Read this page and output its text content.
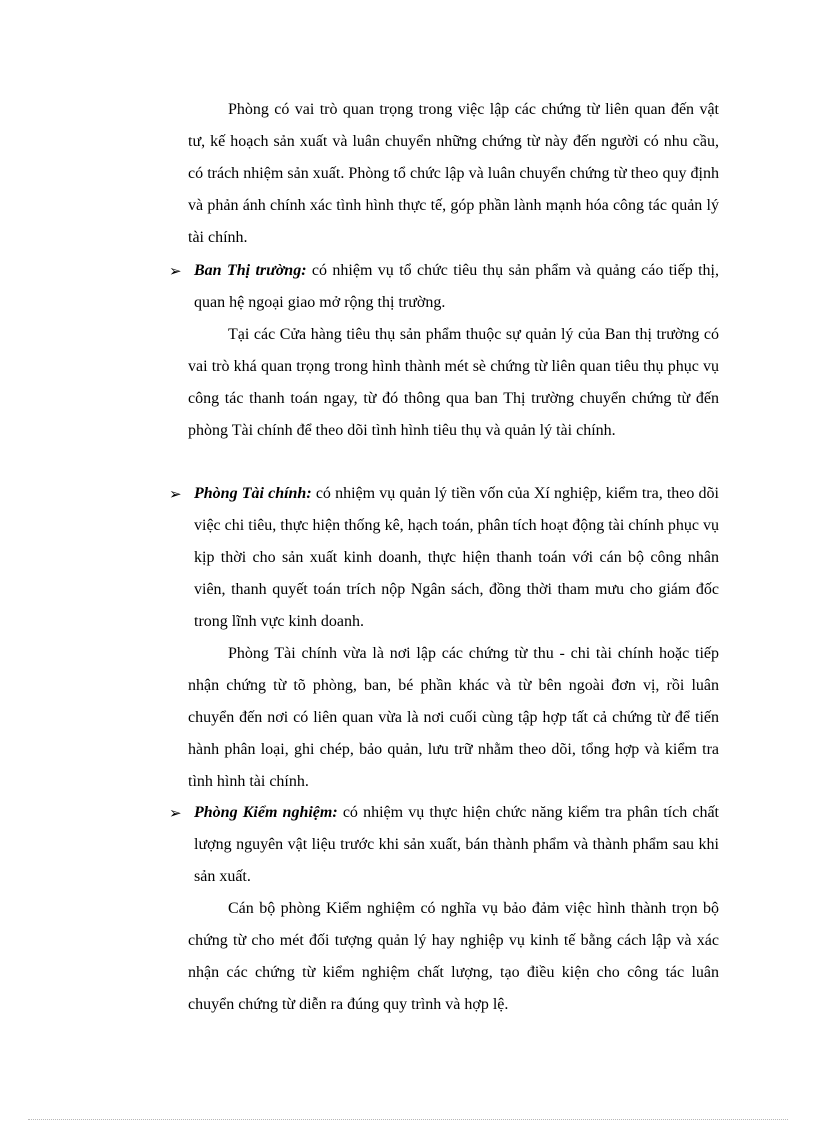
Phòng có vai trò quan trọng trong việc lập các chứng từ liên quan đến vật tư, kế hoạch sản xuất và luân chuyển những chứng từ này đến người có nhu cầu, có trách nhiệm sản xuất. Phòng tổ chức lập và luân chuyển chứng từ theo quy định và phản ánh chính xác tình hình thực tế, góp phần lành mạnh hóa công tác quản lý tài chính.

➢ Ban Thị trường: có nhiệm vụ tổ chức tiêu thụ sản phẩm và quảng cáo tiếp thị, quan hệ ngoại giao mở rộng thị trường.

Tại các Cửa hàng tiêu thụ sản phẩm thuộc sự quản lý của Ban thị trường có vai trò khá quan trọng trong hình thành mét sè chứng từ liên quan tiêu thụ phục vụ công tác thanh toán ngay, từ đó thông qua ban Thị trường chuyển chứng từ đến phòng Tài chính để theo dõi tình hình tiêu thụ và quản lý tài chính.

➢ Phòng Tài chính: có nhiệm vụ quản lý tiền vốn của Xí nghiệp, kiểm tra, theo dõi việc chi tiêu, thực hiện thống kê, hạch toán, phân tích hoạt động tài chính phục vụ kịp thời cho sản xuất kinh doanh, thực hiện thanh toán với cán bộ công nhân viên, thanh quyết toán trích nộp Ngân sách, đồng thời tham mưu cho giám đốc trong lĩnh vực kinh doanh.

Phòng Tài chính vừa là nơi lập các chứng từ thu - chi tài chính hoặc tiếp nhận chứng từ tõ phòng, ban, bé phần khác và từ bên ngoài đơn vị, rồi luân chuyển đến nơi có liên quan vừa là nơi cuối cùng tập hợp tất cả chứng từ để tiến hành phân loại, ghi chép, bảo quản, lưu trữ nhằm theo dõi, tổng hợp và kiểm tra tình hình tài chính.

➢ Phòng Kiểm nghiệm: có nhiệm vụ thực hiện chức năng kiểm tra phân tích chất lượng nguyên vật liệu trước khi sản xuất, bán thành phẩm và thành phẩm sau khi sản xuất.

Cán bộ phòng Kiểm nghiệm có nghĩa vụ bảo đảm việc hình thành trọn bộ chứng từ cho mét đối tượng quản lý hay nghiệp vụ kinh tế bằng cách lập và xác nhận các chứng từ kiểm nghiệm chất lượng, tạo điều kiện cho công tác luân chuyển chứng từ diễn ra đúng quy trình và hợp lệ.
